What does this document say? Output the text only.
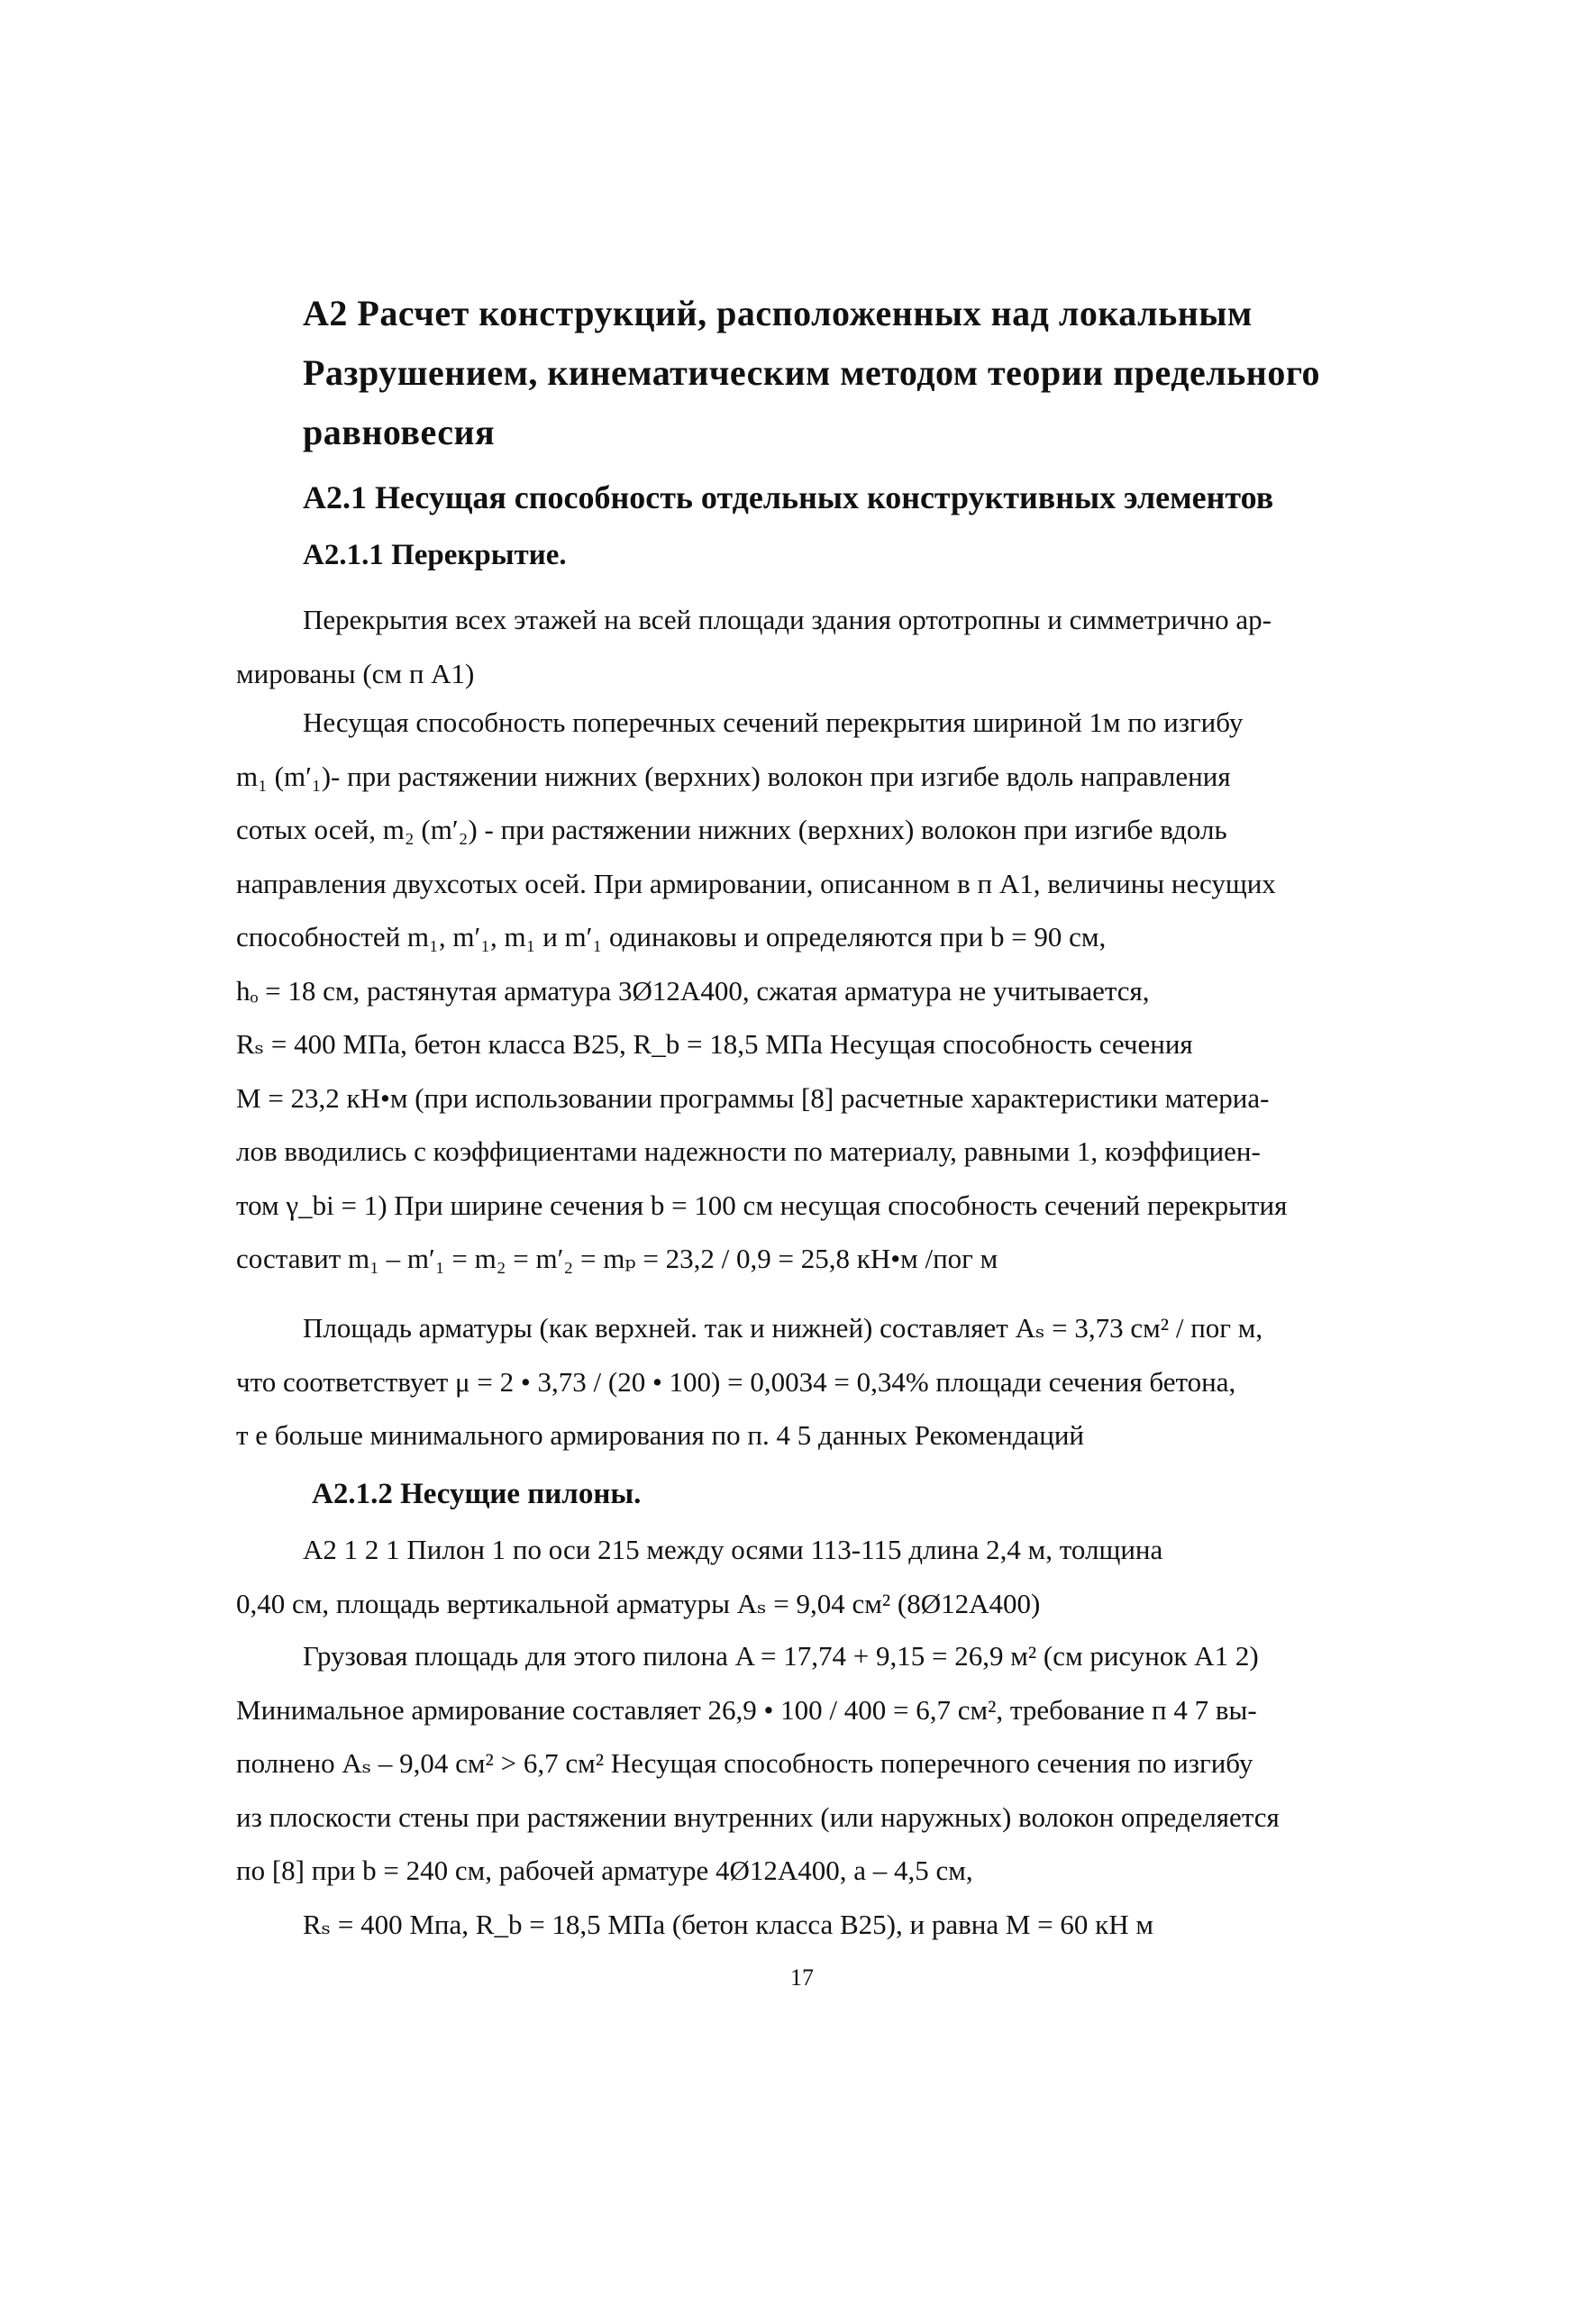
А2 Расчет конструкций, расположенных над локальным
Разрушением, кинематическим методом теории предельного
равновесия
А2.1 Несущая способность отдельных конструктивных элементов
А2.1.1 Перекрытие.
Перекрытия всех этажей на всей площади здания ортотропны и симметрично ар-
мированы (см п А1)
Несущая способность поперечных сечений перекрытия шириной 1м по изгибу
m₁ (m′₁)- при растяжении нижних (верхних) волокон при изгибе вдоль направления
сотых осей, m₂ (m′₂) - при растяжении нижних (верхних) волокон при изгибе вдоль
направления двухсотых осей. При армировании, описанном в п А1, величины несущих
способностей m₁, m′₁, m₁ и m′₁ одинаковы и определяются при b = 90 см,
hₒ = 18 см, растянутая арматура 3Ø12А400, сжатая арматура не учитывается,
Rₛ = 400 МПа, бетон класса В25, R_b = 18,5 МПа Несущая способность сечения
M = 23,2 кН•м (при использовании программы [8] расчетные характеристики материа-
лов вводились с коэффициентами надежности по материалу, равными 1, коэффициен-
том γ_bi = 1) При ширине сечения b = 100 см несущая способность сечений перекрытия
составит m₁ – m′₁ = m₂ = m′₂ = mₚ = 23,2 / 0,9 = 25,8 кН•м /пог м
Площадь арматуры (как верхней. так и нижней) составляет Aₛ = 3,73 см² / пог м,
что соответствует μ = 2 • 3,73 / (20 • 100) = 0,0034 = 0,34% площади сечения бетона,
т е больше минимального армирования по п. 4 5 данных Рекомендаций
А2.1.2 Несущие пилоны.
А2 1 2 1 Пилон 1 по оси 215 между осями 113-115 длина 2,4 м, толщина
0,40 см, площадь вертикальной арматуры Aₛ = 9,04 см² (8Ø12А400)
Грузовая площадь для этого пилона A = 17,74 + 9,15 = 26,9 м² (см рисунок А1 2)
Минимальное армирование составляет 26,9 • 100 / 400 = 6,7 см², требование п 4 7 вы-
полнено Aₛ – 9,04 см² > 6,7 см² Несущая способность поперечного сечения по изгибу
из плоскости стены при растяжении внутренних (или наружных) волокон определяется
по [8] при b = 240 см, рабочей арматуре 4Ø12А400, а – 4,5 см,
Rₛ = 400 Мпа, R_b = 18,5 МПа (бетон класса В25), и равна M = 60 кН м
17
